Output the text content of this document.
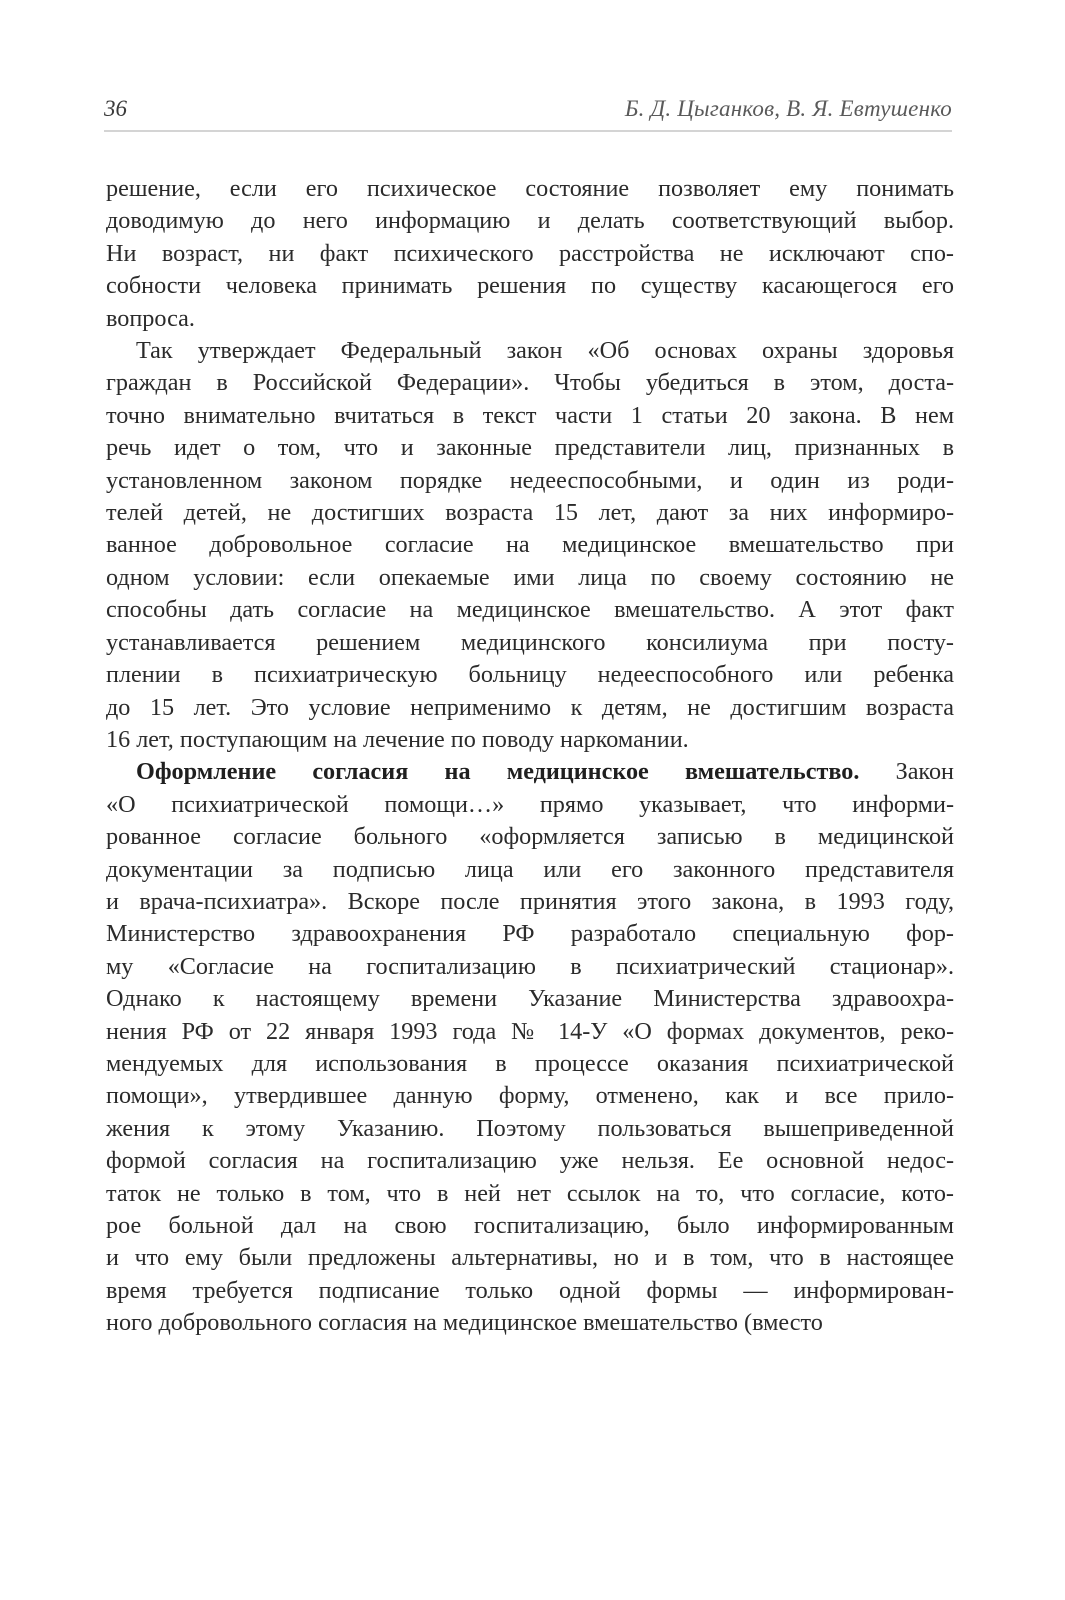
36	Б. Д. Цыганков, В. Я. Евтушенко
решение, если его психическое состояние позволяет ему понимать
доводимую до него информацию и делать соответствующий выбор.
Ни возраст, ни факт психического расстройства не исключают спо-
собности человека принимать решения по существу касающегося его
вопроса.
Так утверждает Федеральный закон «Об основах охраны здоровья
граждан в Российской Федерации». Чтобы убедиться в этом, доста-
точно внимательно вчитаться в текст части 1 статьи 20 закона. В нем
речь идет о том, что и законные представители лиц, признанных в
установленном законом порядке недееспособными, и один из роди-
телей детей, не достигших возраста 15 лет, дают за них информиро-
ванное добровольное согласие на медицинское вмешательство при
одном условии: если опекаемые ими лица по своему состоянию не
способны дать согласие на медицинское вмешательство. А этот факт
устанавливается решением медицинского консилиума при посту-
плении в психиатрическую больницу недееспособного или ребенка
до 15 лет. Это условие неприменимо к детям, не достигшим возраста
16 лет, поступающим на лечение по поводу наркомании.
Оформление согласия на медицинское вмешательство. Закон
«О психиатрической помощи…» прямо указывает, что информи-
рованное согласие больного «оформляется записью в медицинской
документации за подписью лица или его законного представителя
и врача-психиатра». Вскоре после принятия этого закона, в 1993 году,
Министерство здравоохранения РФ разработало специальную фор-
му «Согласие на госпитализацию в психиатрический стационар».
Однако к настоящему времени Указание Министерства здравоохра-
нения РФ от 22 января 1993 года № 14-У «О формах документов, реко-
мендуемых для использования в процессе оказания психиатрической
помощи», утвердившее данную форму, отменено, как и все прило-
жения к этому Указанию. Поэтому пользоваться вышеприведенной
формой согласия на госпитализацию уже нельзя. Ее основной недос-
таток не только в том, что в ней нет ссылок на то, что согласие, кото-
рое больной дал на свою госпитализацию, было информированным
и что ему были предложены альтернативы, но и в том, что в настоящее
время требуется подписание только одной формы — информирован-
ного добровольного согласия на медицинское вмешательство (вместо
